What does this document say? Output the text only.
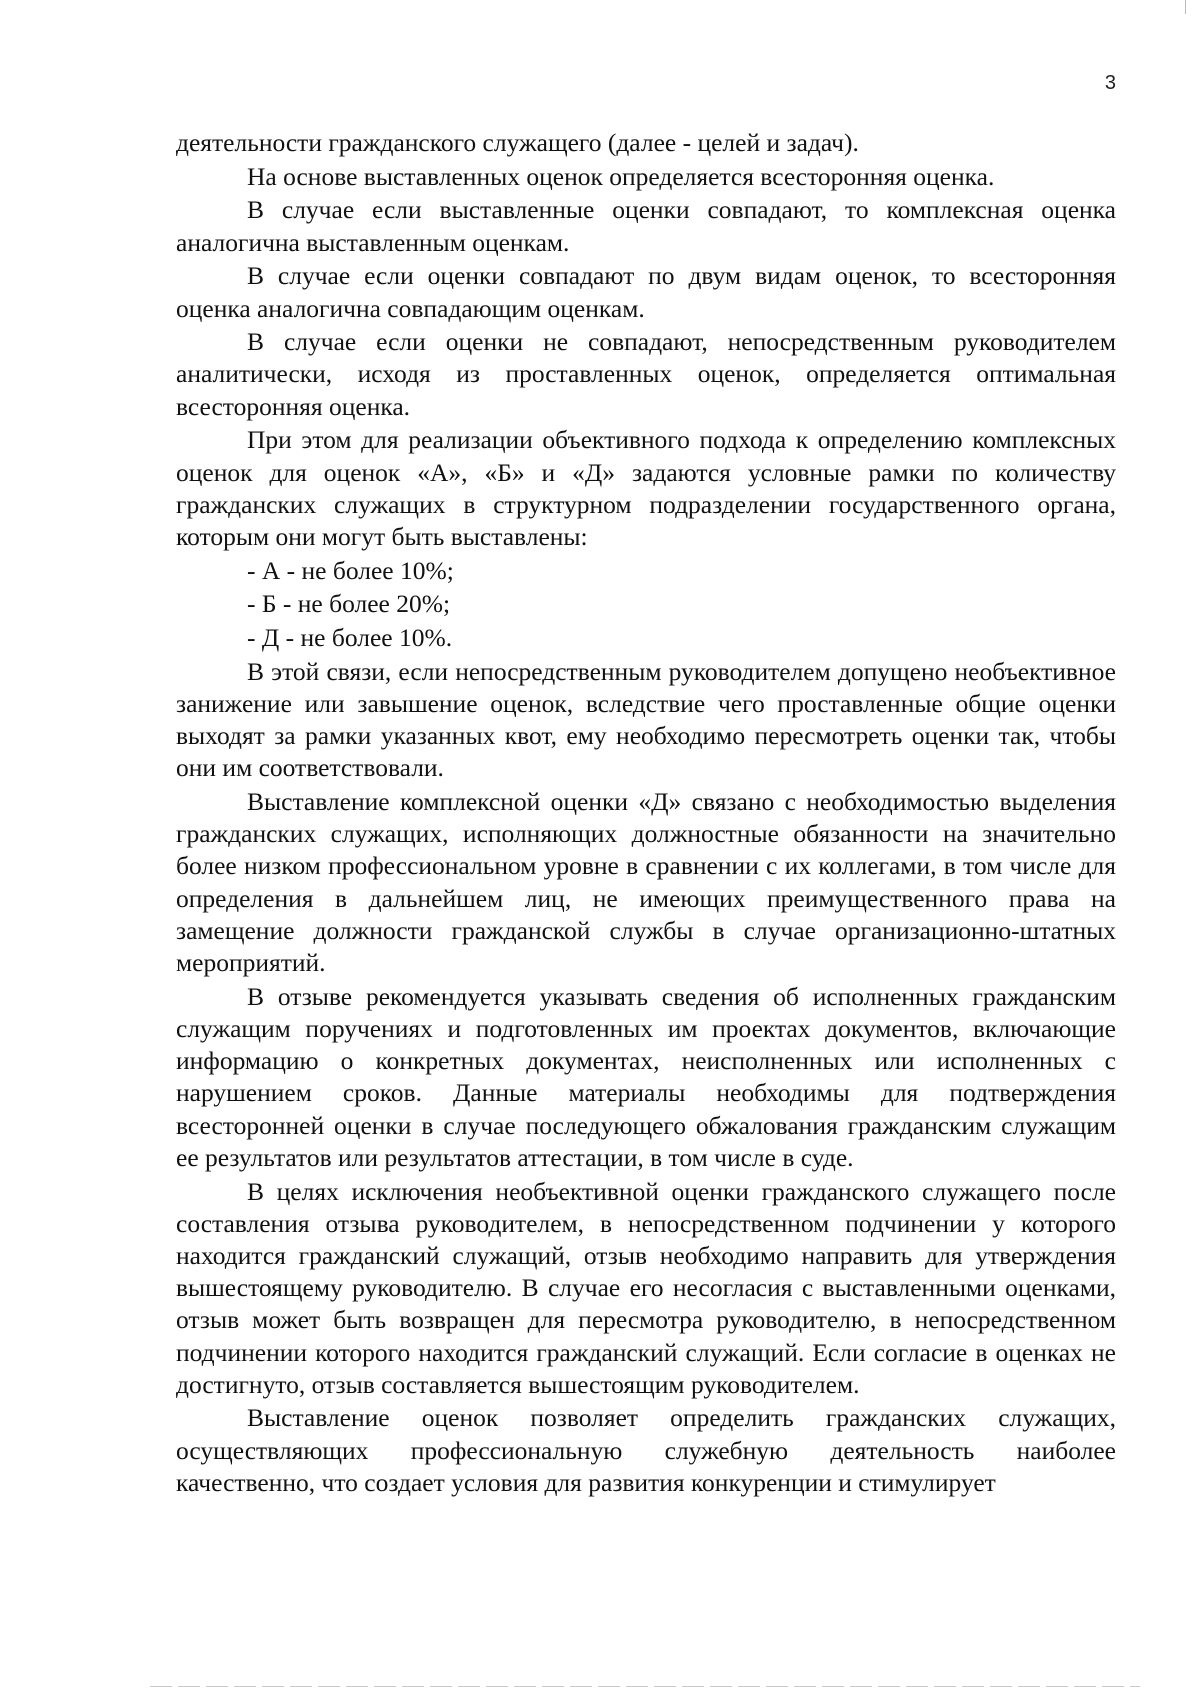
3

деятельности гражданского служащего (далее - целей и задач).

На основе выставленных оценок определяется всесторонняя оценка.

В случае если выставленные оценки совпадают, то комплексная оценка аналогична выставленным оценкам.

В случае если оценки совпадают по двум видам оценок, то всесторонняя оценка аналогична совпадающим оценкам.

В случае если оценки не совпадают, непосредственным руководителем аналитически, исходя из проставленных оценок, определяется оптимальная всесторонняя оценка.

При этом для реализации объективного подхода к определению комплексных оценок для оценок «А», «Б» и «Д» задаются условные рамки по количеству гражданских служащих в структурном подразделении государственного органа, которым они могут быть выставлены:

- А - не более 10%;

- Б - не более 20%;

- Д - не более 10%.

В этой связи, если непосредственным руководителем допущено необъективное занижение или завышение оценок, вследствие чего проставленные общие оценки выходят за рамки указанных квот, ему необходимо пересмотреть оценки так, чтобы они им соответствовали.

Выставление комплексной оценки «Д» связано с необходимостью выделения гражданских служащих, исполняющих должностные обязанности на значительно более низком профессиональном уровне в сравнении с их коллегами, в том числе для определения в дальнейшем лиц, не имеющих преимущественного права на замещение должности гражданской службы в случае организационно-штатных мероприятий.

В отзыве рекомендуется указывать сведения об исполненных гражданским служащим поручениях и подготовленных им проектах документов, включающие информацию о конкретных документах, неисполненных или исполненных с нарушением сроков. Данные материалы необходимы для подтверждения всесторонней оценки в случае последующего обжалования гражданским служащим ее результатов или результатов аттестации, в том числе в суде.

В целях исключения необъективной оценки гражданского служащего после составления отзыва руководителем, в непосредственном подчинении у которого находится гражданский служащий, отзыв необходимо направить для утверждения вышестоящему руководителю. В случае его несогласия с выставленными оценками, отзыв может быть возвращен для пересмотра руководителю, в непосредственном подчинении которого находится гражданский служащий. Если согласие в оценках не достигнуто, отзыв составляется вышестоящим руководителем.

Выставление оценок позволяет определить гражданских служащих, осуществляющих профессиональную служебную деятельность наиболее качественно, что создает условия для развития конкуренции и стимулирует
